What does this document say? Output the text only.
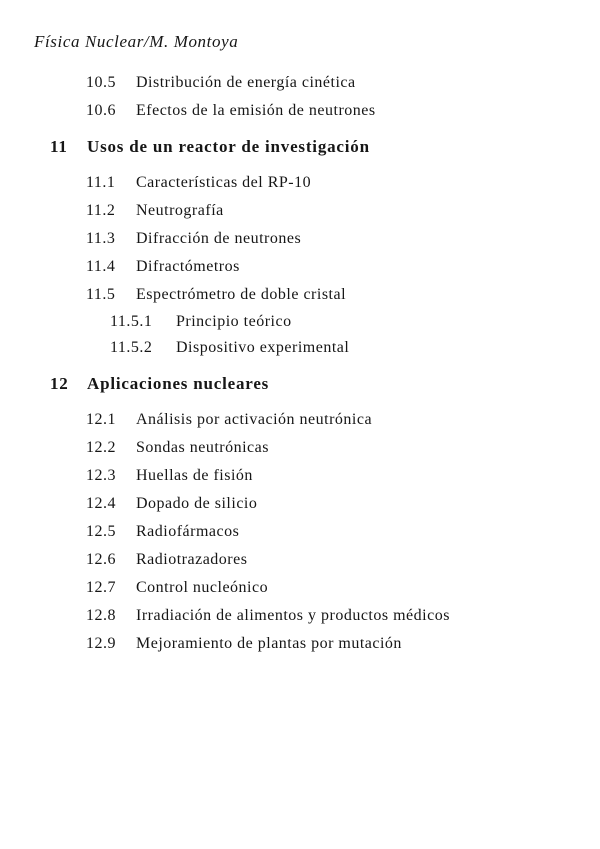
Física Nuclear/M. Montoya
10.5 Distribución de energía cinética
10.6 Efectos de la emisión de neutrones
11 Usos de un reactor de investigación
11.1 Características del RP-10
11.2 Neutrografía
11.3 Difracción de neutrones
11.4 Difractómetros
11.5 Espectrómetro de doble cristal
11.5.1 Principio teórico
11.5.2 Dispositivo experimental
12 Aplicaciones nucleares
12.1 Análisis por activación neutrónica
12.2 Sondas neutrónicas
12.3 Huellas de fisión
12.4 Dopado de silicio
12.5 Radiofármacos
12.6 Radiotrazadores
12.7 Control nucleónico
12.8 Irradiación de alimentos y productos médicos
12.9 Mejoramiento de plantas por mutación
